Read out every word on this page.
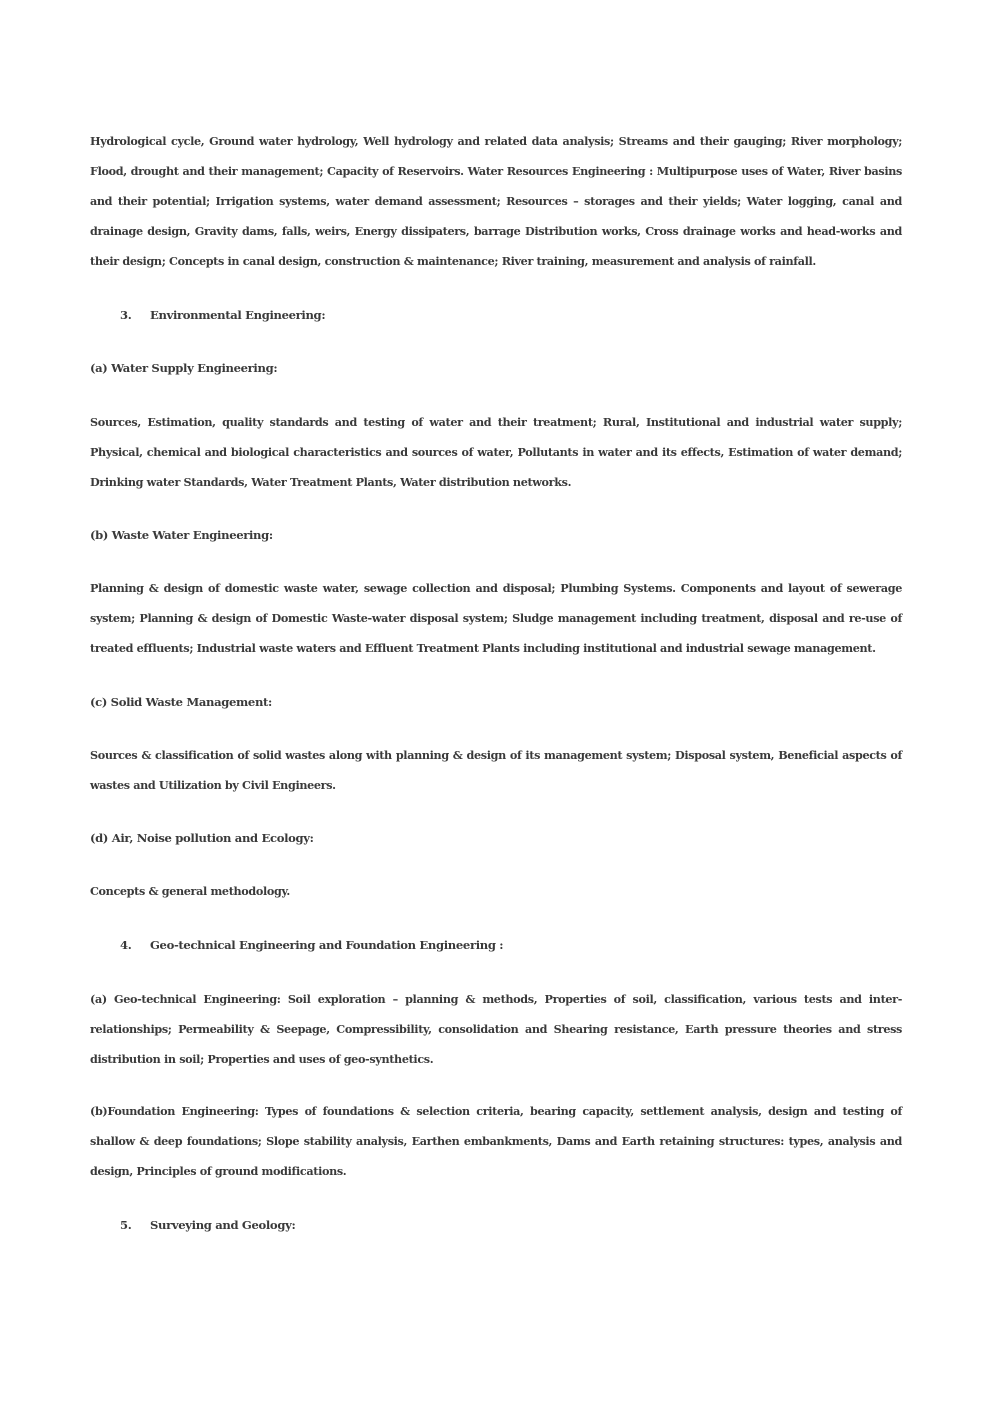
Hydrological cycle, Ground water hydrology, Well hydrology and related data analysis; Streams and their gauging; River morphology; Flood, drought and their management; Capacity of Reservoirs. Water Resources Engineering : Multipurpose uses of Water, River basins and their potential; Irrigation systems, water demand assessment; Resources – storages and their yields; Water logging, canal and drainage design, Gravity dams, falls, weirs, Energy dissipaters, barrage Distribution works, Cross drainage works and head-works and their design; Concepts in canal design, construction & maintenance; River training, measurement and analysis of rainfall.
3. Environmental Engineering:
(a) Water Supply Engineering:
Sources, Estimation, quality standards and testing of water and their treatment; Rural, Institutional and industrial water supply; Physical, chemical and biological characteristics and sources of water, Pollutants in water and its effects, Estimation of water demand; Drinking water Standards, Water Treatment Plants, Water distribution networks.
(b) Waste Water Engineering:
Planning & design of domestic waste water, sewage collection and disposal; Plumbing Systems. Components and layout of sewerage system; Planning & design of Domestic Waste-water disposal system; Sludge management including treatment, disposal and re-use of treated effluents; Industrial waste waters and Effluent Treatment Plants including institutional and industrial sewage management.
(c) Solid Waste Management:
Sources & classification of solid wastes along with planning & design of its management system; Disposal system, Beneficial aspects of wastes and Utilization by Civil Engineers.
(d) Air, Noise pollution and Ecology:
Concepts & general methodology.
4. Geo-technical Engineering and Foundation Engineering :
(a) Geo-technical Engineering: Soil exploration – planning & methods, Properties of soil, classification, various tests and inter-relationships; Permeability & Seepage, Compressibility, consolidation and Shearing resistance, Earth pressure theories and stress distribution in soil; Properties and uses of geo-synthetics.
(b)Foundation Engineering: Types of foundations & selection criteria, bearing capacity, settlement analysis, design and testing of shallow & deep foundations; Slope stability analysis, Earthen embankments, Dams and Earth retaining structures: types, analysis and design, Principles of ground modifications.
5. Surveying and Geology:
